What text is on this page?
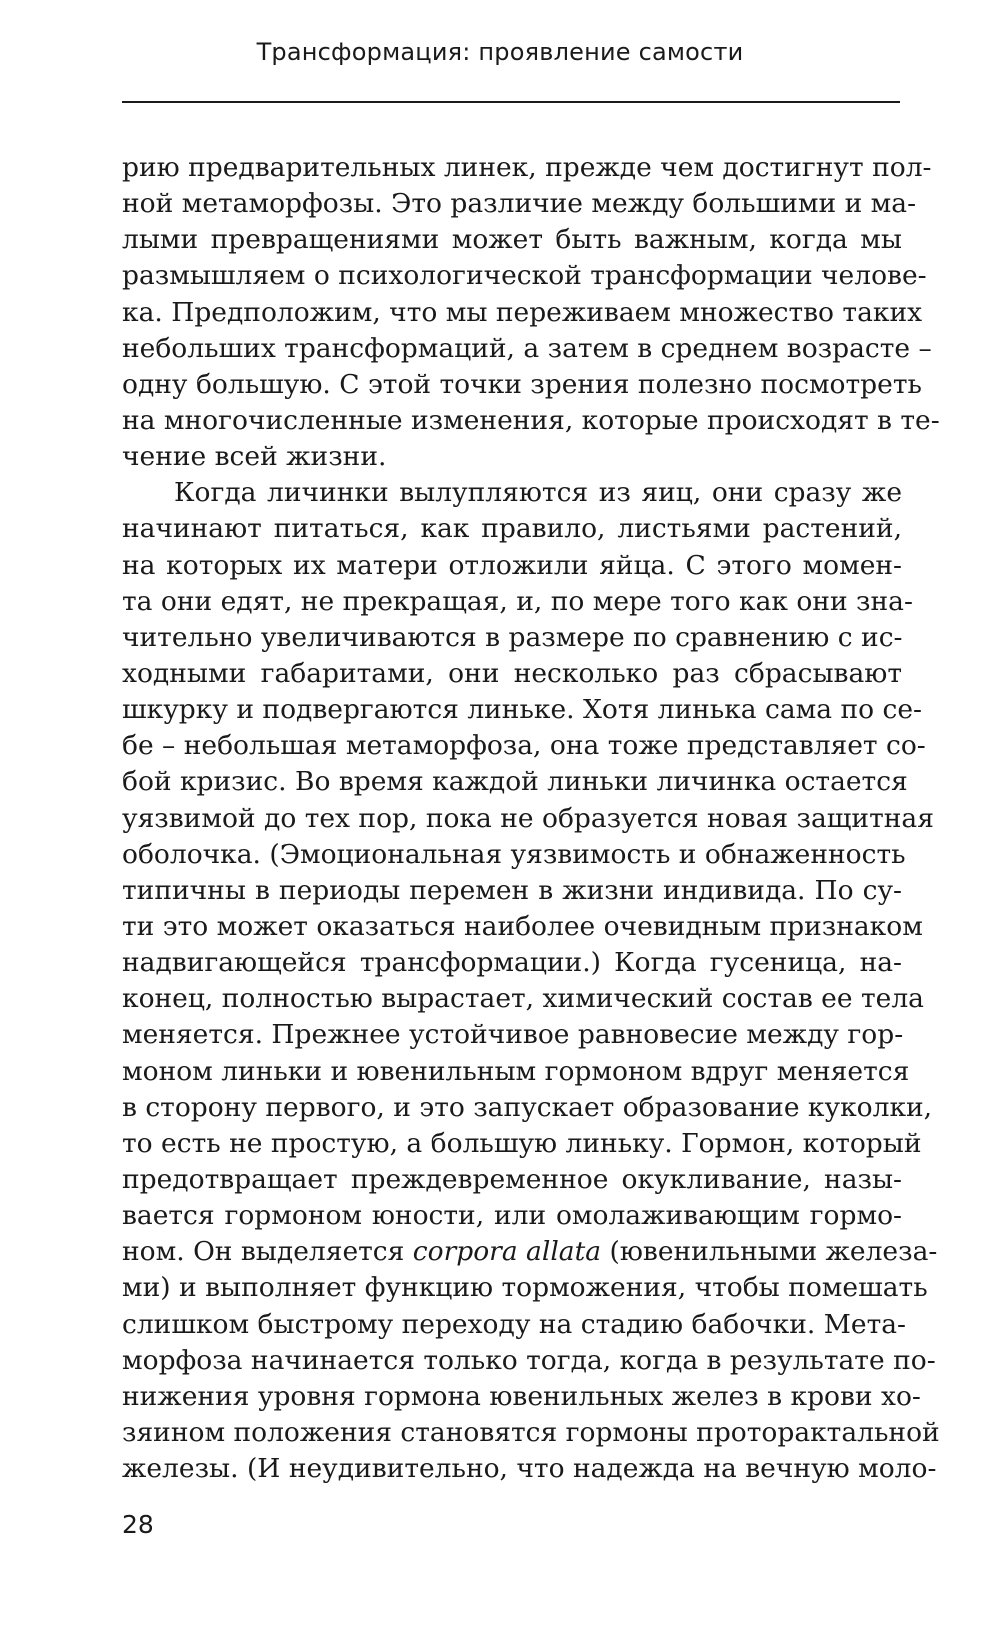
Трансформация: проявление самости
рию предварительных линек, прежде чем достигнут пол-
ной метаморфозы. Это различие между большими и ма-
лыми превращениями может быть важным, когда мы
размышляем о психологической трансформации челове-
ка. Предположим, что мы переживаем множество таких
небольших трансформаций, а затем в среднем возрасте –
одну большую. С этой точки зрения полезно посмотреть
на многочисленные изменения, которые происходят в те-
чение всей жизни.
Когда личинки вылупляются из яиц, они сразу же
начинают питаться, как правило, листьями растений,
на которых их матери отложили яйца. С этого момен-
та они едят, не прекращая, и, по мере того как они зна-
чительно увеличиваются в размере по сравнению с ис-
ходными габаритами, они несколько раз сбрасывают
шкурку и подвергаются линьке. Хотя линька сама по се-
бе – небольшая метаморфоза, она тоже представляет со-
бой кризис. Во время каждой линьки личинка остается
уязвимой до тех пор, пока не образуется новая защитная
оболочка. (Эмоциональная уязвимость и обнаженность
типичны в периоды перемен в жизни индивида. По су-
ти это может оказаться наиболее очевидным признаком
надвигающейся трансформации.) Когда гусеница, на-
конец, полностью вырастает, химический состав ее тела
меняется. Прежнее устойчивое равновесие между гор-
моном линьки и ювенильным гормоном вдруг меняется
в сторону первого, и это запускает образование куколки,
то есть не простую, а большую линьку. Гормон, который
предотвращает преждевременное окукливание, назы-
вается гормоном юности, или омолаживающим гормо-
ном. Он выделяется corpora allata (ювенильными железа-
ми) и выполняет функцию торможения, чтобы помешать
слишком быстрому переходу на стадию бабочки. Мета-
морфоза начинается только тогда, когда в результате по-
нижения уровня гормона ювенильных желез в крови хо-
зяином положения становятся гормоны проторактальной
железы. (И неудивительно, что надежда на вечную моло-
28
